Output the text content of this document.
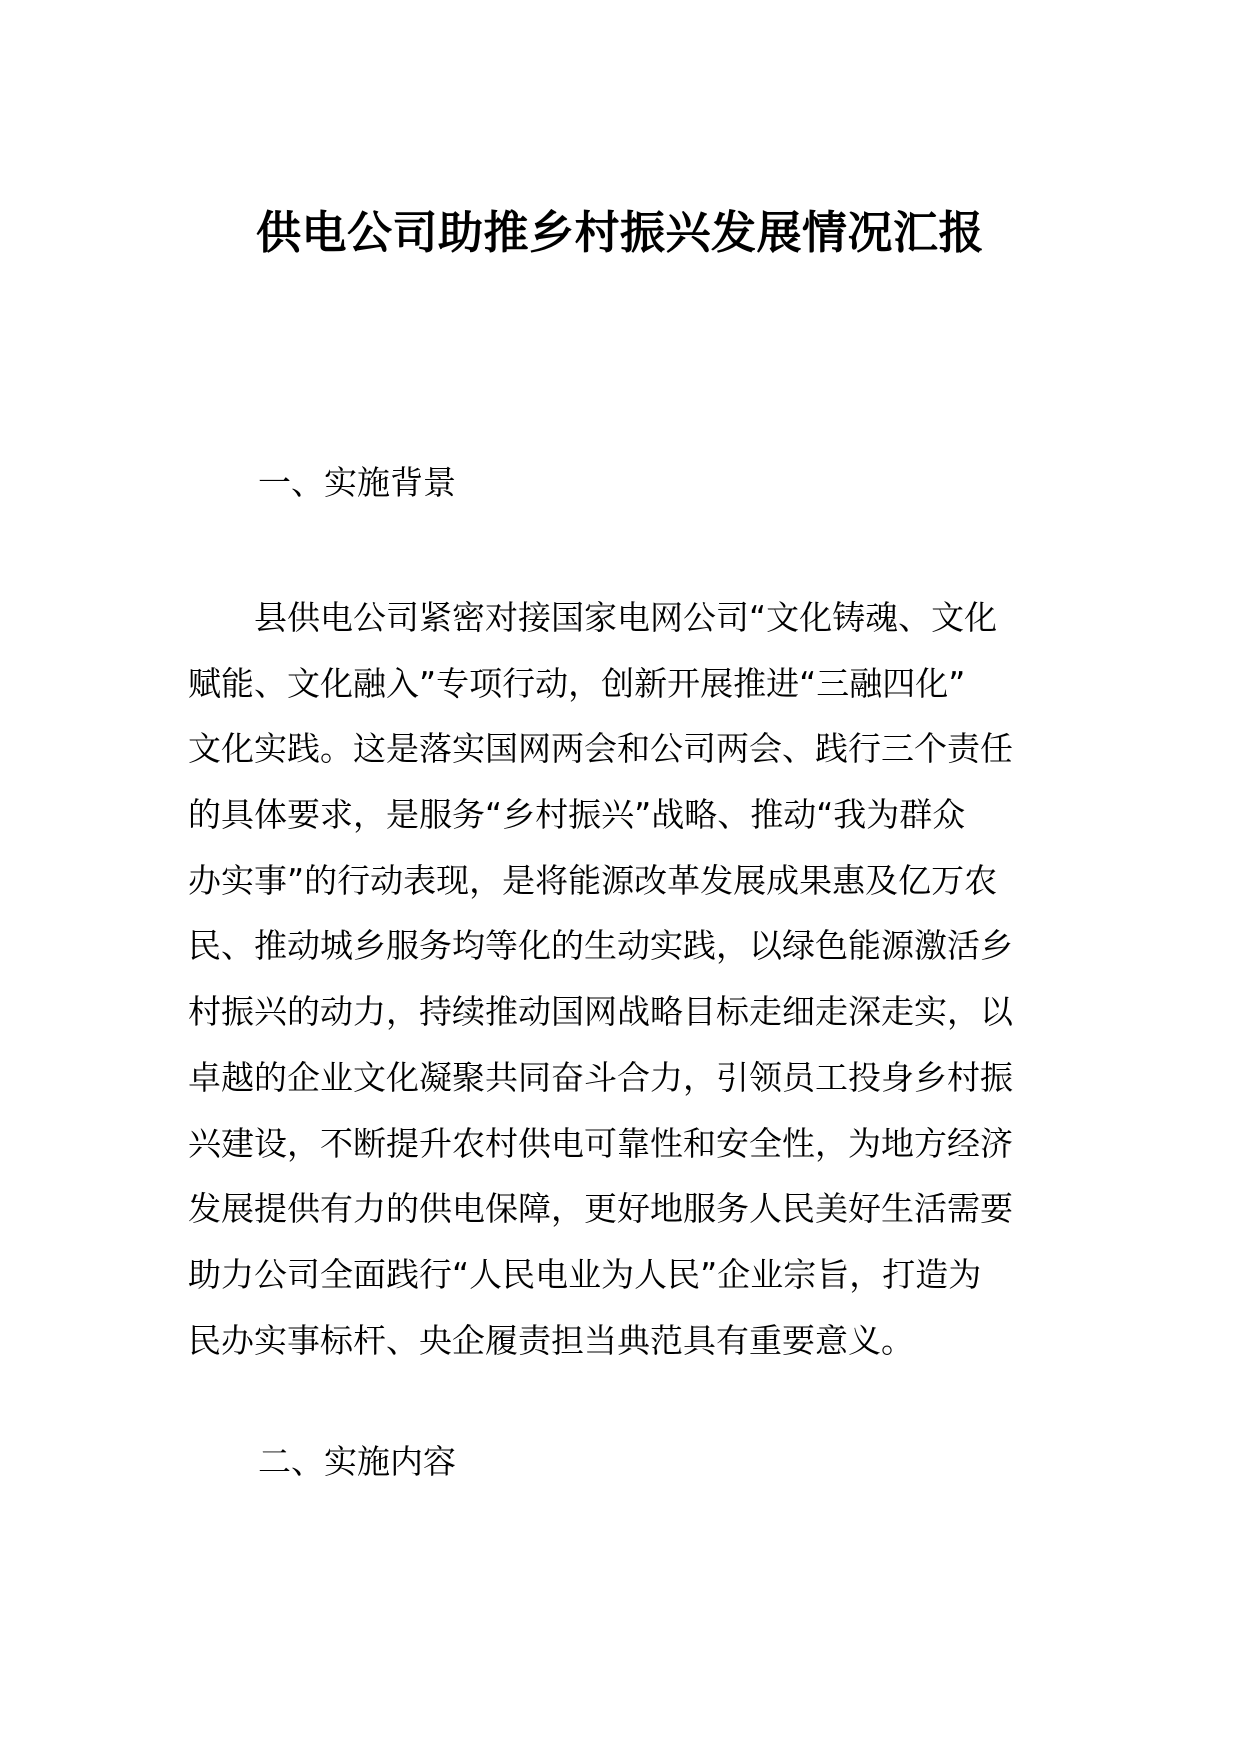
供电公司助推乡村振兴发展情况汇报
一、实施背景

县供电公司紧密对接国家电网公司“文化铸魂、文化
赋能、文化融入”专项行动，创新开展推进“三融四化”
文化实践。这是落实国网两会和公司两会、践行三个责任
的具体要求，是服务“乡村振兴”战略、推动“我为群众
办实事”的行动表现，是将能源改革发展成果惠及亿万农
民、推动城乡服务均等化的生动实践，以绿色能源激活乡
村振兴的动力，持续推动国网战略目标走细走深走实，以
卓越的企业文化凝聚共同奋斗合力，引领员工投身乡村振
兴建设，不断提升农村供电可靠性和安全性，为地方经济
发展提供有力的供电保障，更好地服务人民美好生活需要
助力公司全面践行“人民电业为人民”企业宗旨，打造为
民办实事标杆、央企履责担当典范具有重要意义。

二、实施内容
